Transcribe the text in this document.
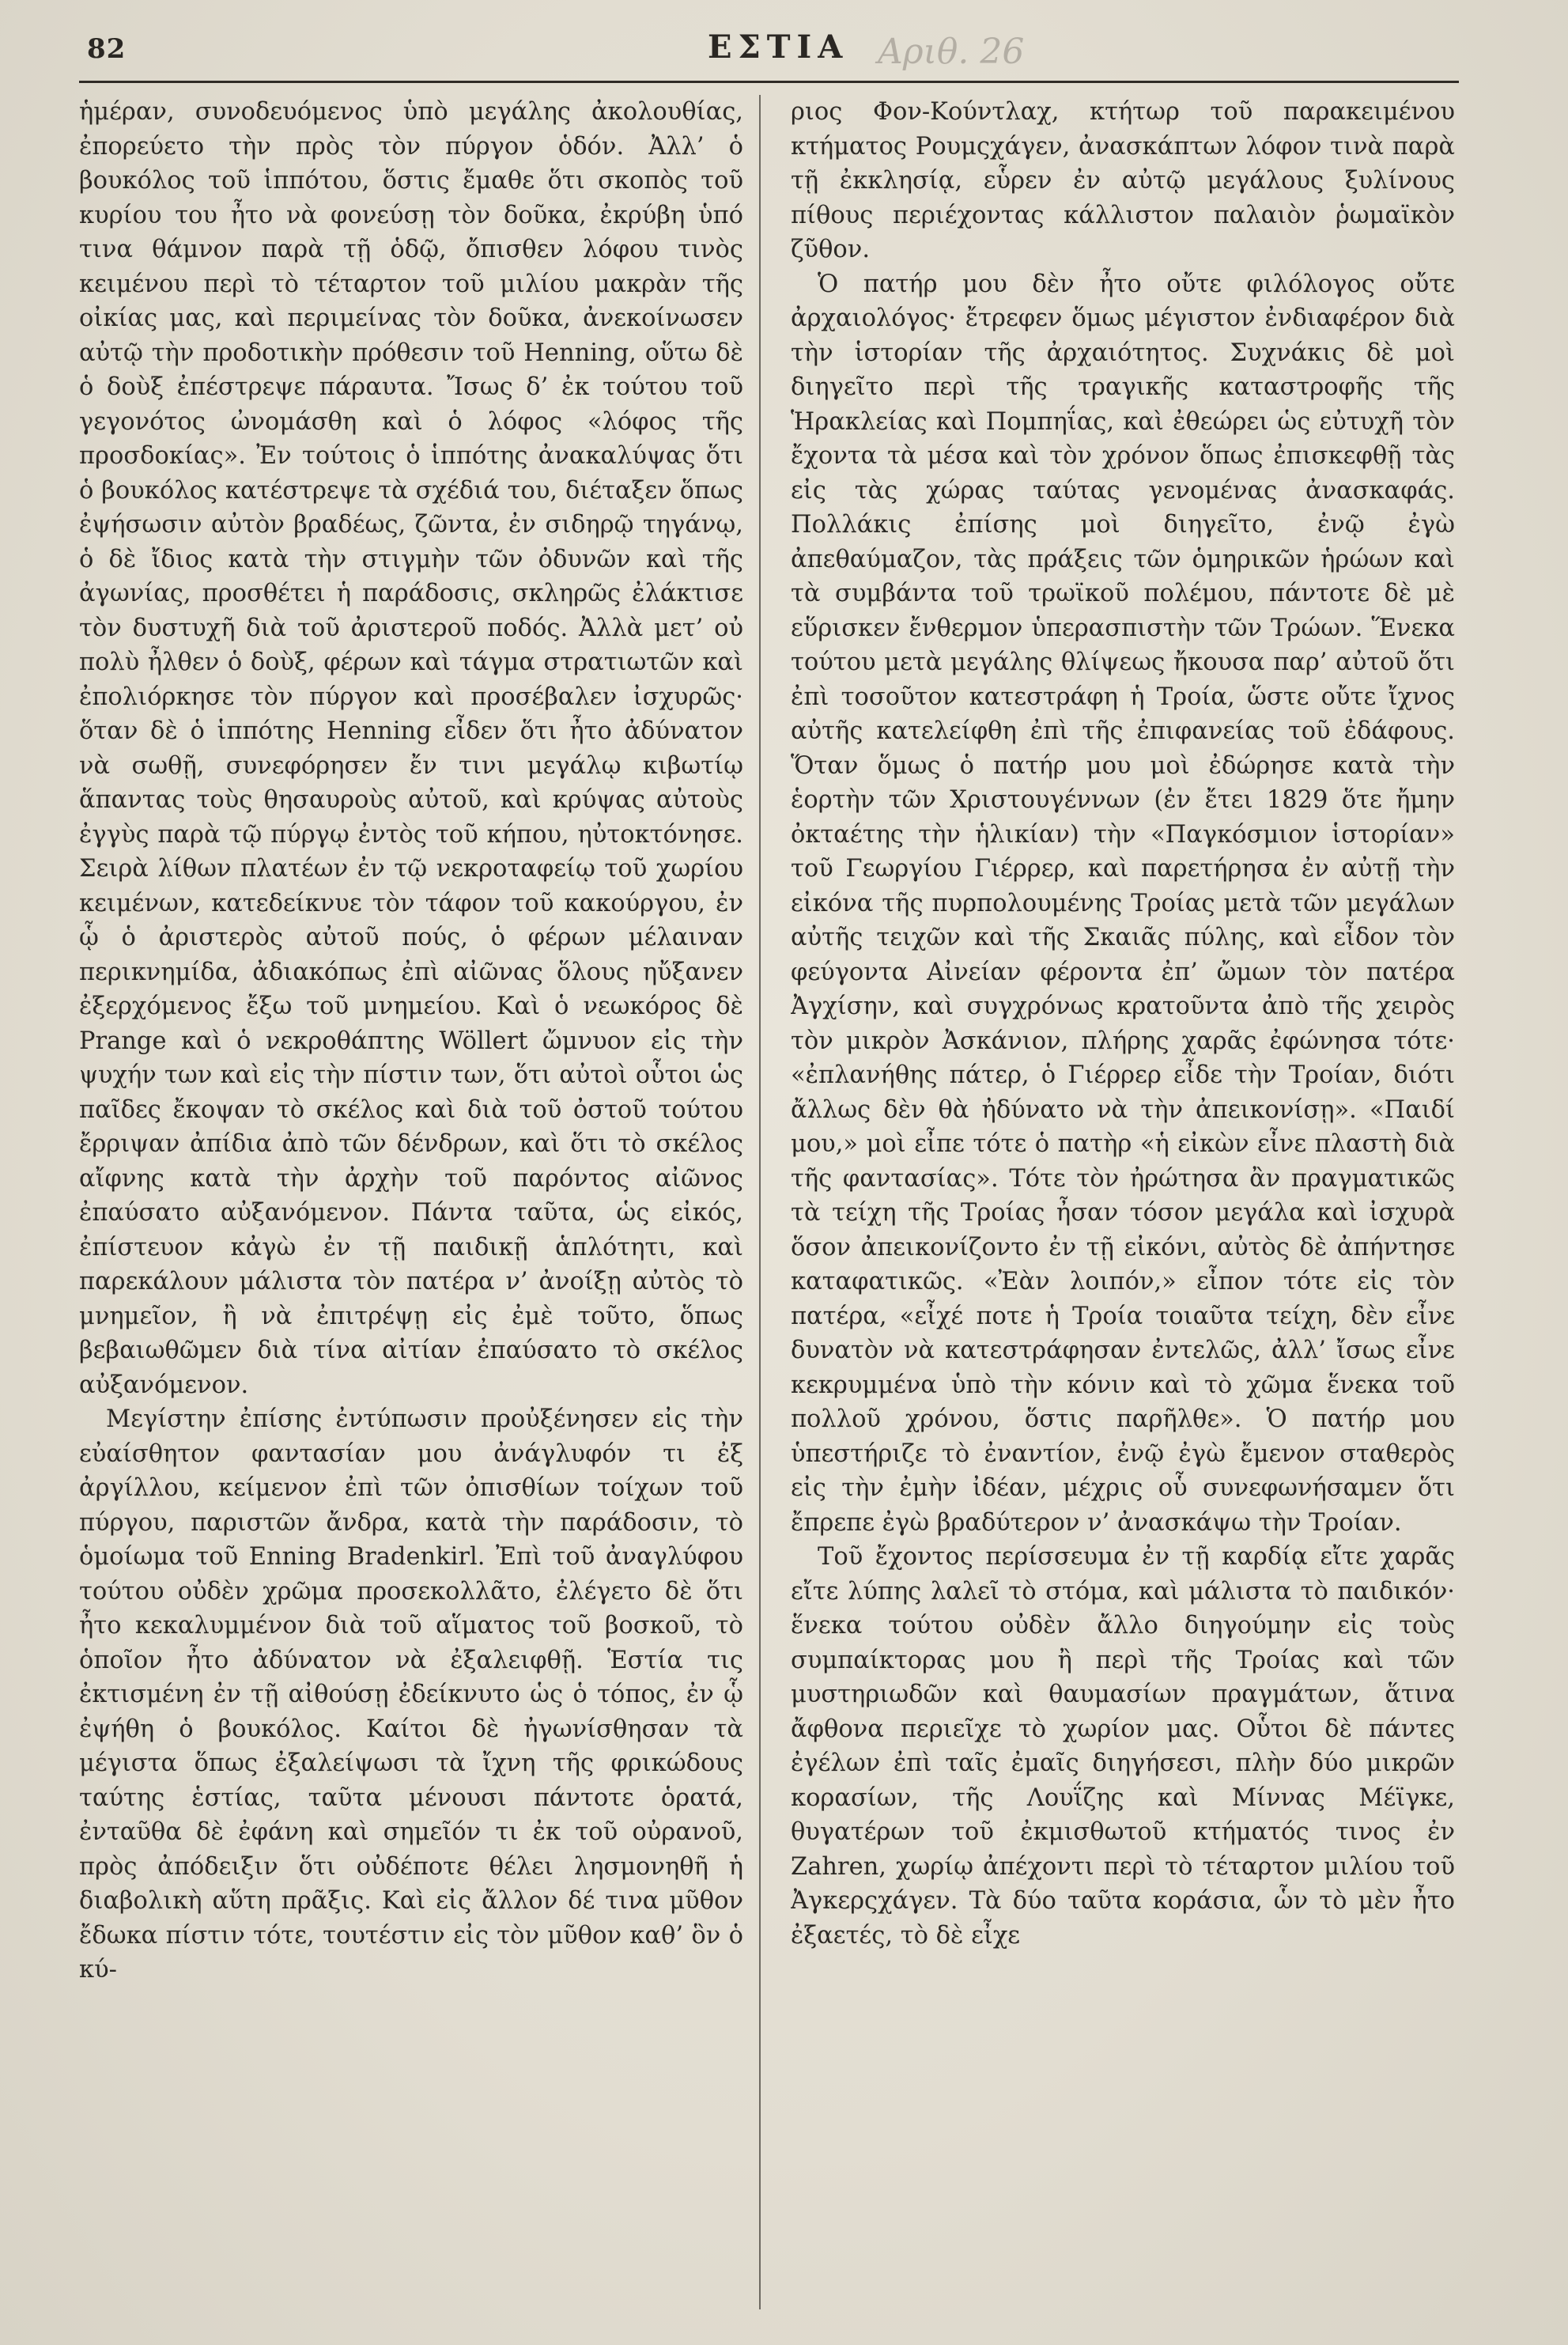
82	ΕΣΤΙΑ Αριθ. 26

ἡμέραν, συνοδευόμενος ὑπὸ μεγάλης ἀκολουθίας, ἐπορεύετο τὴν πρὸς τὸν πύργον ὁδόν. Ἀλλ’ ὁ βουκόλος τοῦ ἱππότου, ὅστις ἔμαθε ὅτι σκοπὸς τοῦ κυρίου του ἦτο νὰ φονεύσῃ τὸν δοῦκα, ἐκρύβη ὑπό τινα θάμνον παρὰ τῇ ὁδῷ, ὄπισθεν λόφου τινὸς κειμένου περὶ τὸ τέταρτον τοῦ μιλίου μακρὰν τῆς οἰκίας μας, καὶ περιμείνας τὸν δοῦκα, ἀνεκοίνωσεν αὐτῷ τὴν προδοτικὴν πρόθεσιν τοῦ Henning, οὕτω δὲ ὁ δοὺξ ἐπέστρεψε πάραυτα. Ἴσως δ’ ἐκ τούτου τοῦ γεγονότος ὠνομάσθη καὶ ὁ λόφος «λόφος τῆς προσδοκίας». Ἐν τούτοις ὁ ἱππότης ἀνακαλύψας ὅτι ὁ βουκόλος κατέστρεψε τὰ σχέδιά του, διέταξεν ὅπως ἐψήσωσιν αὐτὸν βραδέως, ζῶντα, ἐν σιδηρῷ τηγάνῳ, ὁ δὲ ἴδιος κατὰ τὴν στιγμὴν τῶν ὀδυνῶν καὶ τῆς ἀγωνίας, προσθέτει ἡ παράδοσις, σκληρῶς ἐλάκτισε τὸν δυστυχῆ διὰ τοῦ ἀριστεροῦ ποδός. Ἀλλὰ μετ’ οὐ πολὺ ἦλθεν ὁ δοὺξ, φέρων καὶ τάγμα στρατιωτῶν καὶ ἐπολιόρκησε τὸν πύργον καὶ προσέβαλεν ἰσχυρῶς· ὅταν δὲ ὁ ἱππότης Henning εἶδεν ὅτι ἦτο ἀδύνατον νὰ σωθῇ, συνεφόρησεν ἔν τινι μεγάλῳ κιβωτίῳ ἅπαντας τοὺς θησαυροὺς αὐτοῦ, καὶ κρύψας αὐτοὺς ἐγγὺς παρὰ τῷ πύργῳ ἐντὸς τοῦ κήπου, ηὐτοκτόνησε. Σειρὰ λίθων πλατέων ἐν τῷ νεκροταφείῳ τοῦ χωρίου κειμένων, κατεδείκνυε τὸν τάφον τοῦ κακούργου, ἐν ᾧ ὁ ἀριστερὸς αὐτοῦ πούς, ὁ φέρων μέλαιναν περικνημίδα, ἀδιακόπως ἐπὶ αἰῶνας ὅλους ηὔξανεν ἐξερχόμενος ἔξω τοῦ μνημείου. Καὶ ὁ νεωκόρος δὲ Prange καὶ ὁ νεκροθάπτης Wöllert ὤμνυον εἰς τὴν ψυχήν των καὶ εἰς τὴν πίστιν των, ὅτι αὐτοὶ οὗτοι ὡς παῖδες ἔκοψαν τὸ σκέλος καὶ διὰ τοῦ ὀστοῦ τούτου ἔρριψαν ἀπίδια ἀπὸ τῶν δένδρων, καὶ ὅτι τὸ σκέλος αἴφνης κατὰ τὴν ἀρχὴν τοῦ παρόντος αἰῶνος ἐπαύσατο αὐξανόμενον. Πάντα ταῦτα, ὡς εἰκός, ἐπίστευον κἀγὼ ἐν τῇ παιδικῇ ἁπλότητι, καὶ παρεκάλουν μάλιστα τὸν πατέρα ν’ ἀνοίξῃ αὐτὸς τὸ μνημεῖον, ἢ νὰ ἐπιτρέψῃ εἰς ἐμὲ τοῦτο, ὅπως βεβαιωθῶμεν διὰ τίνα αἰτίαν ἐπαύσατο τὸ σκέλος αὐξανόμενον.

Μεγίστην ἐπίσης ἐντύπωσιν προὐξένησεν εἰς τὴν εὐαίσθητον φαντασίαν μου ἀνάγλυφόν τι ἐξ ἀργίλλου, κείμενον ἐπὶ τῶν ὀπισθίων τοίχων τοῦ πύργου, παριστῶν ἄνδρα, κατὰ τὴν παράδοσιν, τὸ ὁμοίωμα τοῦ Enning Bradenkirl. Ἐπὶ τοῦ ἀναγλύφου τούτου οὐδὲν χρῶμα προσεκολλᾶτο, ἐλέγετο δὲ ὅτι ἦτο κεκαλυμμένον διὰ τοῦ αἵματος τοῦ βοσκοῦ, τὸ ὁποῖον ἦτο ἀδύνατον νὰ ἐξαλειφθῇ. Ἑστία τις ἐκτισμένη ἐν τῇ αἰθούσῃ ἐδείκνυτο ὡς ὁ τόπος, ἐν ᾧ ἐψήθη ὁ βουκόλος. Καίτοι δὲ ἠγωνίσθησαν τὰ μέγιστα ὅπως ἐξαλείψωσι τὰ ἴχνη τῆς φρικώδους ταύτης ἑστίας, ταῦτα μένουσι πάντοτε ὁρατά, ἐνταῦθα δὲ ἐφάνη καὶ σημεῖόν τι ἐκ τοῦ οὐρανοῦ, πρὸς ἀπόδειξιν ὅτι οὐδέποτε θέλει λησμονηθῆ ἡ διαβολικὴ αὕτη πρᾶξις. Καὶ εἰς ἄλλον δέ τινα μῦθον ἔδωκα πίστιν τότε, τουτέστιν εἰς τὸν μῦθον καθ’ ὃν ὁ κύ-

ριος Φον-Κούντλαχ, κτήτωρ τοῦ παρακειμένου κτήματος Ρουμςχάγεν, ἀνασκάπτων λόφον τινὰ παρὰ τῇ ἐκκλησίᾳ, εὗρεν ἐν αὐτῷ μεγάλους ξυλίνους πίθους περιέχοντας κάλλιστον παλαιὸν ῥωμαϊκὸν ζῦθον.

Ὁ πατήρ μου δὲν ἦτο οὔτε φιλόλογος οὔτε ἀρχαιολόγος· ἔτρεφεν ὅμως μέγιστον ἐνδιαφέρον διὰ τὴν ἱστορίαν τῆς ἀρχαιότητος. Συχνάκις δὲ μοὶ διηγεῖτο περὶ τῆς τραγικῆς καταστροφῆς τῆς Ἡρακλείας καὶ Πομπηΐας, καὶ ἐθεώρει ὡς εὐτυχῆ τὸν ἔχοντα τὰ μέσα καὶ τὸν χρόνον ὅπως ἐπισκεφθῇ τὰς εἰς τὰς χώρας ταύτας γενομένας ἀνασκαφάς. Πολλάκις ἐπίσης μοὶ διηγεῖτο, ἐνῷ ἐγὼ ἀπεθαύμαζον, τὰς πράξεις τῶν ὁμηρικῶν ἡρώων καὶ τὰ συμβάντα τοῦ τρωϊκοῦ πολέμου, πάντοτε δὲ μὲ εὕρισκεν ἔνθερμον ὑπερασπιστὴν τῶν Τρώων. Ἕνεκα τούτου μετὰ μεγάλης θλίψεως ἤκουσα παρ’ αὐτοῦ ὅτι ἐπὶ τοσοῦτον κατεστράφη ἡ Τροία, ὥστε οὔτε ἴχνος αὐτῆς κατελείφθη ἐπὶ τῆς ἐπιφανείας τοῦ ἐδάφους. Ὅταν ὅμως ὁ πατήρ μου μοὶ ἐδώρησε κατὰ τὴν ἑορτὴν τῶν Χριστουγέννων (ἐν ἔτει 1829 ὅτε ἤμην ὀκταέτης τὴν ἡλικίαν) τὴν «Παγκόσμιον ἱστορίαν» τοῦ Γεωργίου Γιέρρερ, καὶ παρετήρησα ἐν αὐτῇ τὴν εἰκόνα τῆς πυρπολουμένης Τροίας μετὰ τῶν μεγάλων αὐτῆς τειχῶν καὶ τῆς Σκαιᾶς πύλης, καὶ εἶδον τὸν φεύγοντα Αἰνείαν φέροντα ἐπ’ ὤμων τὸν πατέρα Ἀγχίσην, καὶ συγχρόνως κρατοῦντα ἀπὸ τῆς χειρὸς τὸν μικρὸν Ἀσκάνιον, πλήρης χαρᾶς ἐφώνησα τότε· «ἐπλανήθης πάτερ, ὁ Γιέρρερ εἶδε τὴν Τροίαν, διότι ἄλλως δὲν θὰ ἠδύνατο νὰ τὴν ἀπεικονίσῃ». «Παιδί μου,» μοὶ εἶπε τότε ὁ πατὴρ «ἡ εἰκὼν εἶνε πλαστὴ διὰ τῆς φαντασίας». Τότε τὸν ἠρώτησα ἂν πραγματικῶς τὰ τείχη τῆς Τροίας ἦσαν τόσον μεγάλα καὶ ἰσχυρὰ ὅσον ἀπεικονίζοντο ἐν τῇ εἰκόνι, αὐτὸς δὲ ἀπήντησε καταφατικῶς. «Ἐὰν λοιπόν,» εἶπον τότε εἰς τὸν πατέρα, «εἶχέ ποτε ἡ Τροία τοιαῦτα τείχη, δὲν εἶνε δυνατὸν νὰ κατεστράφησαν ἐντελῶς, ἀλλ’ ἴσως εἶνε κεκρυμμένα ὑπὸ τὴν κόνιν καὶ τὸ χῶμα ἕνεκα τοῦ πολλοῦ χρόνου, ὅστις παρῆλθε». Ὁ πατήρ μου ὑπεστήριζε τὸ ἐναντίον, ἐνῷ ἐγὼ ἔμενον σταθερὸς εἰς τὴν ἐμὴν ἰδέαν, μέχρις οὗ συνεφωνήσαμεν ὅτι ἔπρεπε ἐγὼ βραδύτερον ν’ ἀνασκάψω τὴν Τροίαν.

Τοῦ ἔχοντος περίσσευμα ἐν τῇ καρδίᾳ εἴτε χαρᾶς εἴτε λύπης λαλεῖ τὸ στόμα, καὶ μάλιστα τὸ παιδικόν· ἕνεκα τούτου οὐδὲν ἄλλο διηγούμην εἰς τοὺς συμπαίκτορας μου ἢ περὶ τῆς Τροίας καὶ τῶν μυστηριωδῶν καὶ θαυμασίων πραγμάτων, ἅτινα ἄφθονα περιεῖχε τὸ χωρίον μας. Οὗτοι δὲ πάντες ἐγέλων ἐπὶ ταῖς ἐμαῖς διηγήσεσι, πλὴν δύο μικρῶν κορασίων, τῆς Λουΐζης καὶ Μίννας Μέϊγκε, θυγατέρων τοῦ ἐκμισθωτοῦ κτήματός τινος ἐν Zahren, χωρίῳ ἀπέχοντι περὶ τὸ τέταρτον μιλίου τοῦ Ἀγκερςχάγεν. Τὰ δύο ταῦτα κοράσια, ὧν τὸ μὲν ἦτο ἐξαετές, τὸ δὲ εἶχε
